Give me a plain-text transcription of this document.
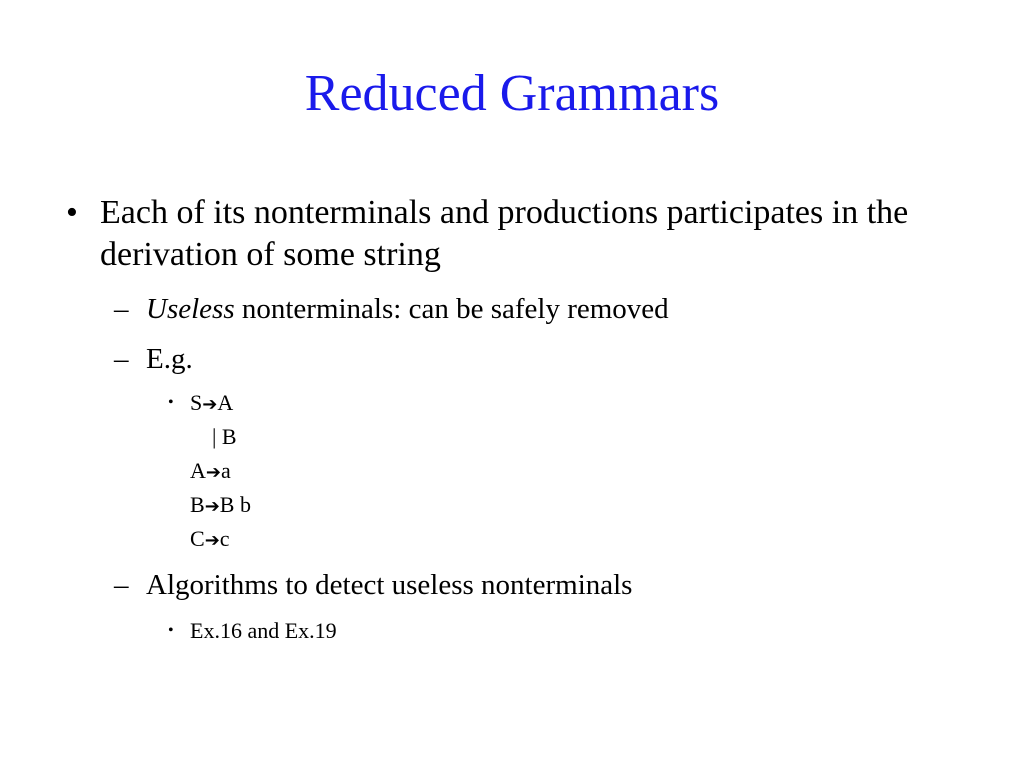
Reduced Grammars
• Each of its nonterminals and productions participates in the derivation of some string
– Useless nonterminals: can be safely removed
– E.g.
• S➔A
| B
A➔a
B➔B b
C➔c
– Algorithms to detect useless nonterminals
• Ex.16 and Ex.19
